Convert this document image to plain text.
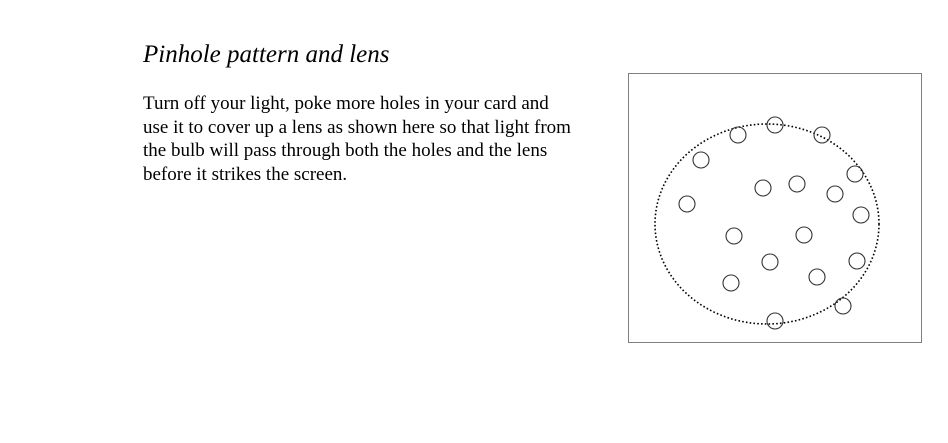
Pinhole pattern and lens

Turn off your light, poke more holes in your card and
use it to cover up a lens as shown here so that light from
the bulb will pass through both the holes and the lens
before it strikes the screen.
